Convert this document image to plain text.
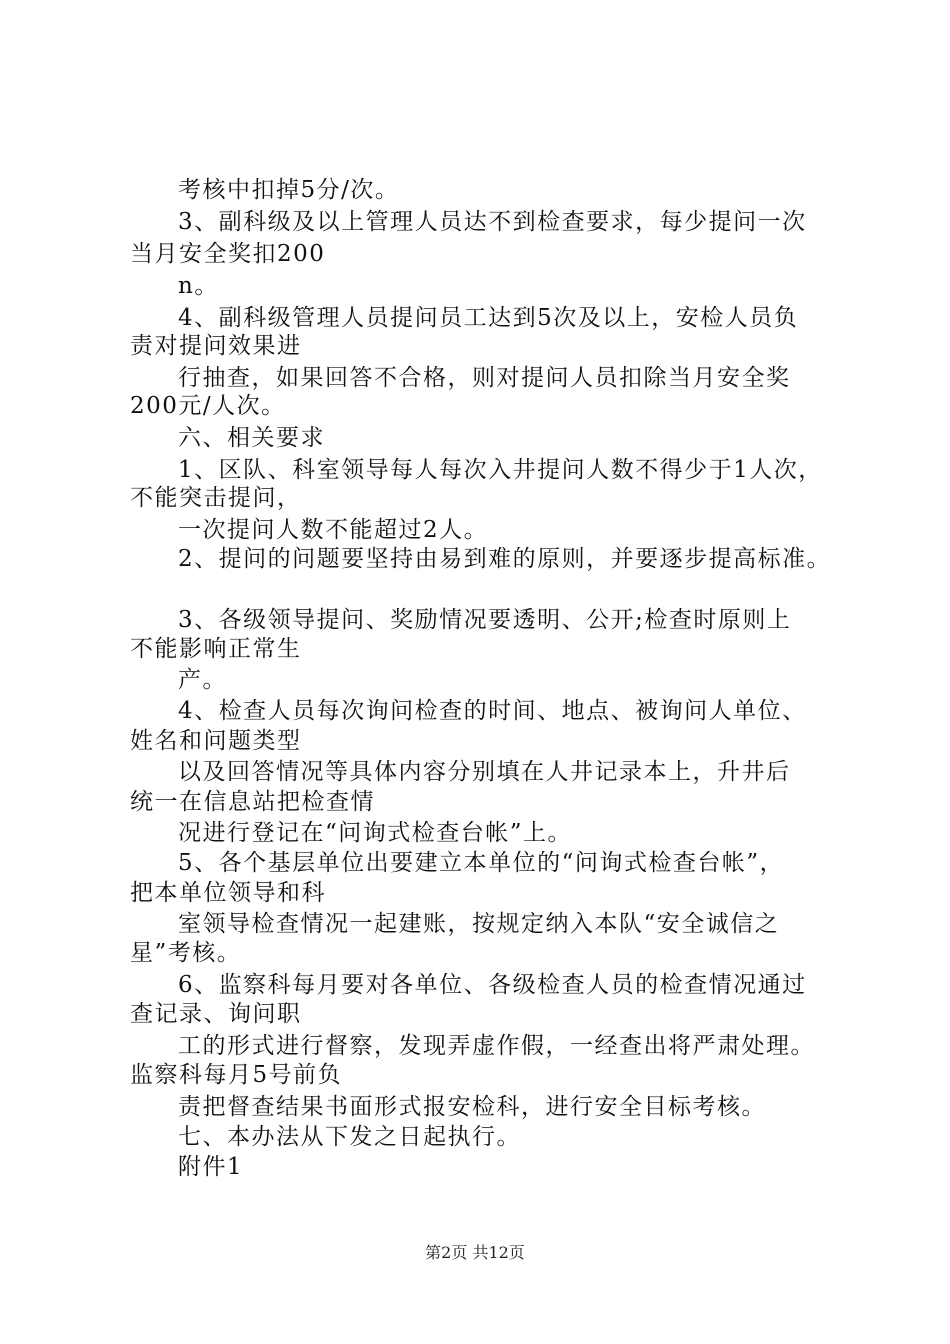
考核中扣掉5分/次。
3、副科级及以上管理人员达不到检查要求，每少提问一次
当月安全奖扣200
n。
4、副科级管理人员提问员工达到5次及以上，安检人员负
责对提问效果进
行抽查，如果回答不合格，则对提问人员扣除当月安全奖
200元/人次。
六、相关要求
1、区队、科室领导每人每次入井提问人数不得少于1人次，
不能突击提问，
一次提问人数不能超过2人。
2、提问的问题要坚持由易到难的原则，并要逐步提高标准。
3、各级领导提问、奖励情况要透明、公开;检查时原则上
不能影响正常生
产。
4、检查人员每次询问检查的时间、地点、被询问人单位、
姓名和问题类型
以及回答情况等具体内容分别填在人井记录本上，升井后
统一在信息站把检查情
况进行登记在“问询式检查台帐”上。
5、各个基层单位出要建立本单位的“问询式检查台帐”，
把本单位领导和科
室领导检查情况一起建账，按规定纳入本队“安全诚信之
星”考核。
6、监察科每月要对各单位、各级检查人员的检查情况通过
查记录、询问职
工的形式进行督察，发现弄虚作假，一经查出将严肃处理。
监察科每月5号前负
责把督查结果书面形式报安检科，进行安全目标考核。
七、本办法从下发之日起执行。
附件1
第2页 共12页
